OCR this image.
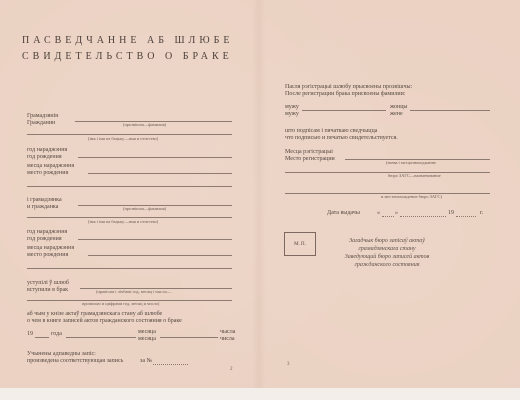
ПАСВЕДЧАННЕ АБ ШЛЮБЕ
СВИДЕТЕЛЬСТВО О БРАКЕ
Грамадзянін
Гражданин	(прозвішча—фамилия)
(імя і імя па бацьку—имя и отчество)
год нараджэння
год рождения
месца нараджэння
место рождения
і грамадзянка
и гражданка	(прозвішча—фамилия)
(імя і імя па бацьку—имя и отчество)
год нараджэння
год рождения
месца нараджэння
место рождения
уступілі ў шлюб
вступили в брак	(прапісам і лічбамі год, месяц і чысло—
прописью и цифрами год, месяц и число)
аб чым у кнізе актаў грамадзянскага стану аб шлюбе
о чем в книге записей актов гражданского состояния о браке
19	года	месяца
месяца
чысла
числа
Учынены адпаведны запіс:
произведена соответствующая запись	за №
2
Пасля рэгістрацыі шлюбу прысвоены прозвішчы:
После регистрации брака присвоены фамилии:
мужу
мужу
жонцы
жене
што подпісам і пячаткаю сведчыцца
что подписью и печатью свидетельствуется.
Месца рэгістрацыі
Место регистрации
(назва і месцазнаходжанне
бюро ЗАГС—наименование
и местонахождение бюро ЗАГС)
Дата выдачы	«	»	19	г.
М. П.
Загадчык бюро запісаў актаў
грамадзянскага стану
Заведующий бюро записей актов
гражданского состояния
3
